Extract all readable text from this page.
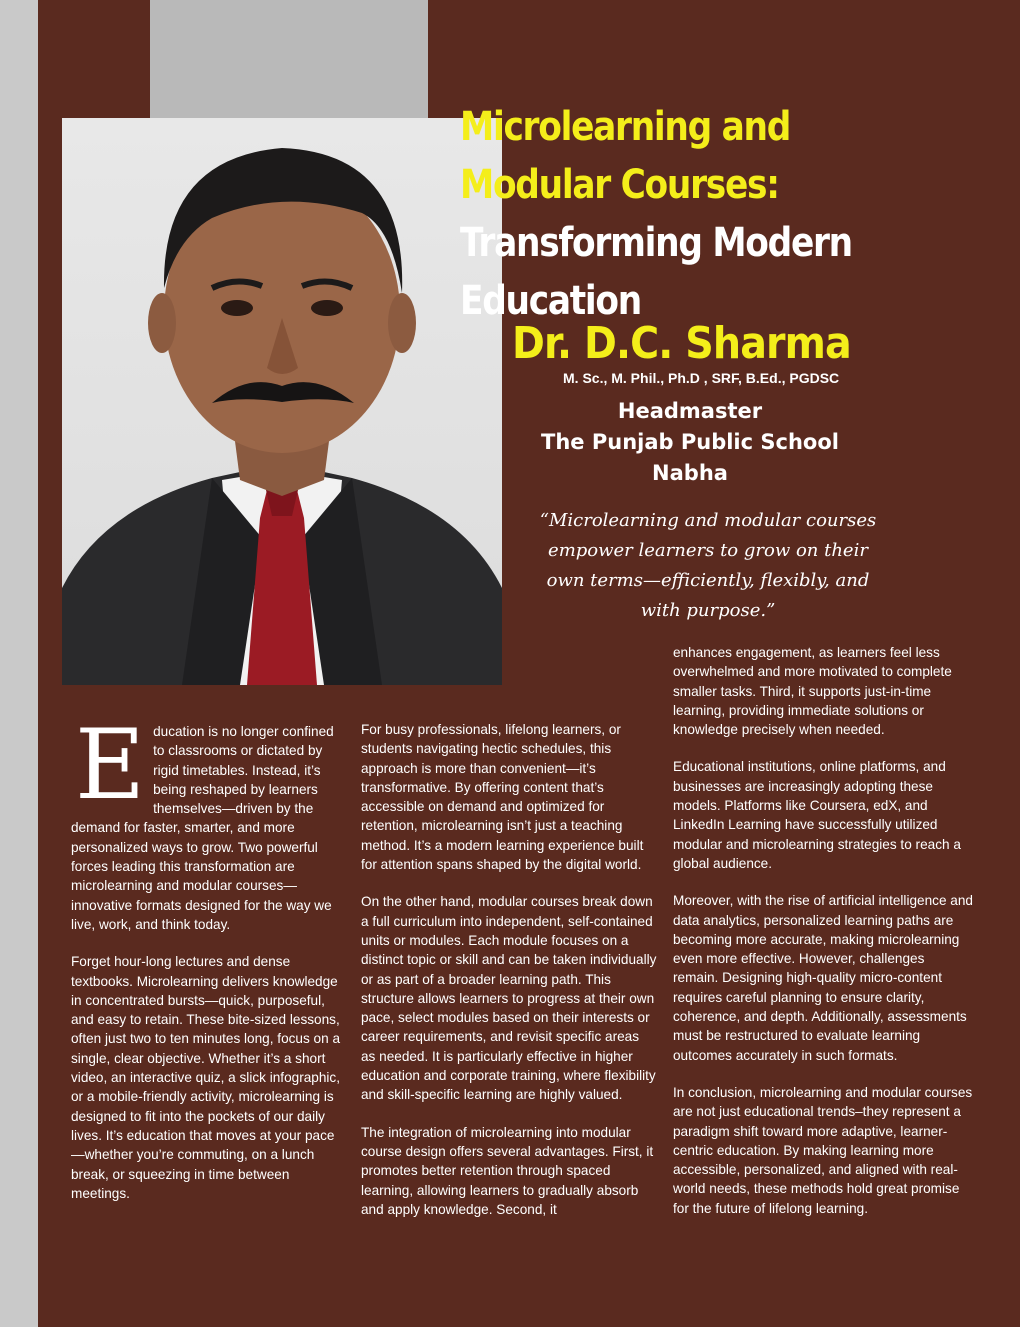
Microlearning and
Modular Courses:
Transforming Modern
Education
Dr. D.C. Sharma
M. Sc., M. Phil., Ph.D , SRF, B.Ed., PGDSC
Headmaster
The Punjab Public School
Nabha
“Microlearning and modular courses empower learners to grow on their own terms—efficiently, flexibly, and with purpose.”

Education is no longer confined to classrooms or dictated by rigid timetables. Instead, it’s being reshaped by learners themselves—driven by the demand for faster, smarter, and more personalized ways to grow. Two powerful forces leading this transformation are microlearning and modular courses—innovative formats designed for the way we live, work, and think today.

Forget hour-long lectures and dense textbooks. Microlearning delivers knowledge in concentrated bursts—quick, purposeful, and easy to retain. These bite-sized lessons, often just two to ten minutes long, focus on a single, clear objective. Whether it’s a short video, an interactive quiz, a slick infographic, or a mobile-friendly activity, microlearning is designed to fit into the pockets of our daily lives. It’s education that moves at your pace—whether you’re commuting, on a lunch break, or squeezing in time between meetings.

For busy professionals, lifelong learners, or students navigating hectic schedules, this approach is more than convenient—it’s transformative. By offering content that’s accessible on demand and optimized for retention, microlearning isn’t just a teaching method. It’s a modern learning experience built for attention spans shaped by the digital world.

On the other hand, modular courses break down a full curriculum into independent, self-contained units or modules. Each module focuses on a distinct topic or skill and can be taken individually or as part of a broader learning path. This structure allows learners to progress at their own pace, select modules based on their interests or career requirements, and revisit specific areas as needed. It is particularly effective in higher education and corporate training, where flexibility and skill-specific learning are highly valued.

The integration of microlearning into modular course design offers several advantages. First, it promotes better retention through spaced learning, allowing learners to gradually absorb and apply knowledge. Second, it

enhances engagement, as learners feel less overwhelmed and more motivated to complete smaller tasks. Third, it supports just-in-time learning, providing immediate solutions or knowledge precisely when needed.

Educational institutions, online platforms, and businesses are increasingly adopting these models. Platforms like Coursera, edX, and LinkedIn Learning have successfully utilized modular and microlearning strategies to reach a global audience.

Moreover, with the rise of artificial intelligence and data analytics, personalized learning paths are becoming more accurate, making microlearning even more effective. However, challenges remain. Designing high-quality micro-content requires careful planning to ensure clarity, coherence, and depth. Additionally, assessments must be restructured to evaluate learning outcomes accurately in such formats.

In conclusion, microlearning and modular courses are not just educational trends–they represent a paradigm shift toward more adaptive, learner-centric education. By making learning more accessible, personalized, and aligned with real-world needs, these methods hold great promise for the future of lifelong learning.
